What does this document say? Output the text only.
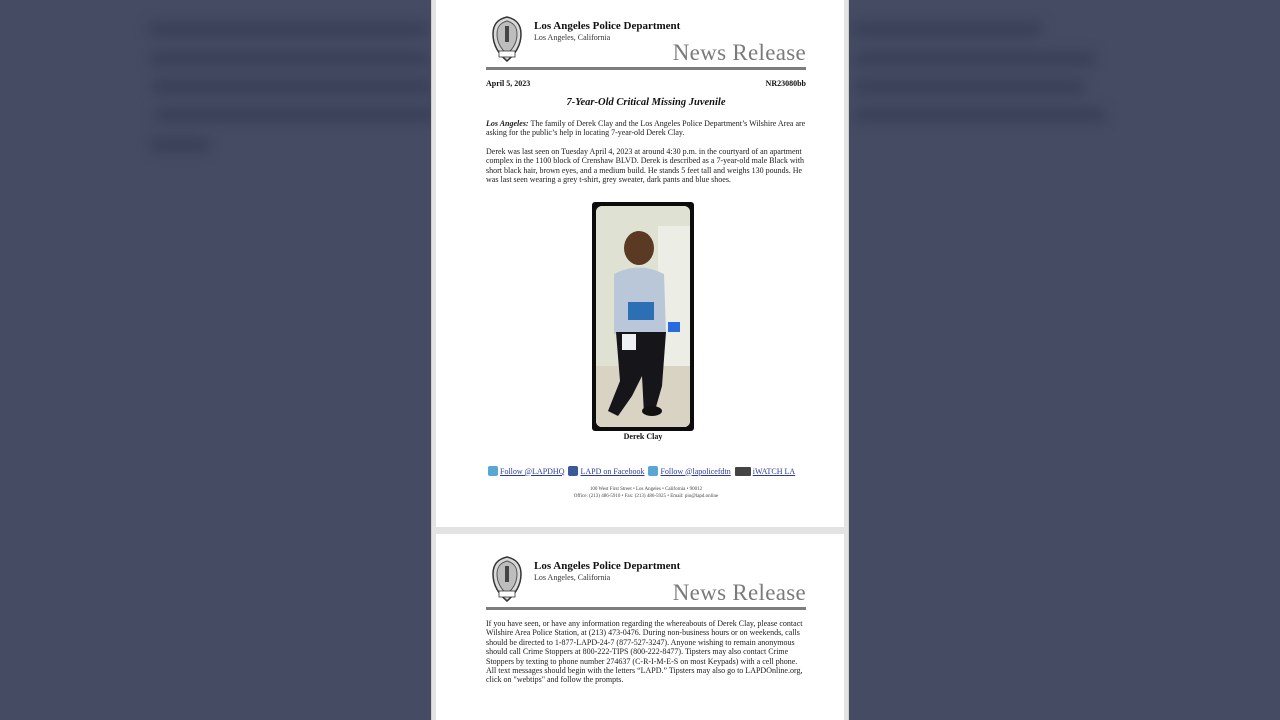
Los Angeles Police Department
Los Angeles, California
News Release
April 5, 2023	NR23080bb
7-Year-Old Critical Missing Juvenile
Los Angeles: The family of Derek Clay and the Los Angeles Police Department’s Wilshire Area are asking for the public’s help in locating 7-year-old Derek Clay.
Derek was last seen on Tuesday April 4, 2023 at around 4:30 p.m. in the courtyard of an apartment complex in the 1100 block of Crenshaw BLVD. Derek is described as a 7-year-old male Black with short black hair, brown eyes, and a medium build. He stands 5 feet tall and weighs 130 pounds. He was last seen wearing a grey t-shirt, grey sweater, dark pants and blue shoes.
Derek Clay
Follow @LAPDHQ LAPD on Facebook Follow @lapolicefdtn	iWATCH LA
100 West First Street • Los Angeles • California • 90012
Office: (213) 486-5910 • Fax: (213) 486-5925 • Email: pio@lapd.online
Los Angeles Police Department
Los Angeles, California
News Release
If you have seen, or have any information regarding the whereabouts of Derek Clay, please contact Wilshire Area Police Station, at (213) 473-0476. During non-business hours or on weekends, calls should be directed to 1-877-LAPD-24-7 (877-527-3247). Anyone wishing to remain anonymous should call Crime Stoppers at 800-222-TIPS (800-222-8477). Tipsters may also contact Crime Stoppers by texting to phone number 274637 (C-R-I-M-E-S on most Keypads) with a cell phone. All text messages should begin with the letters “LAPD.” Tipsters may also go to LAPDOnline.org, click on "webtips" and follow the prompts.
